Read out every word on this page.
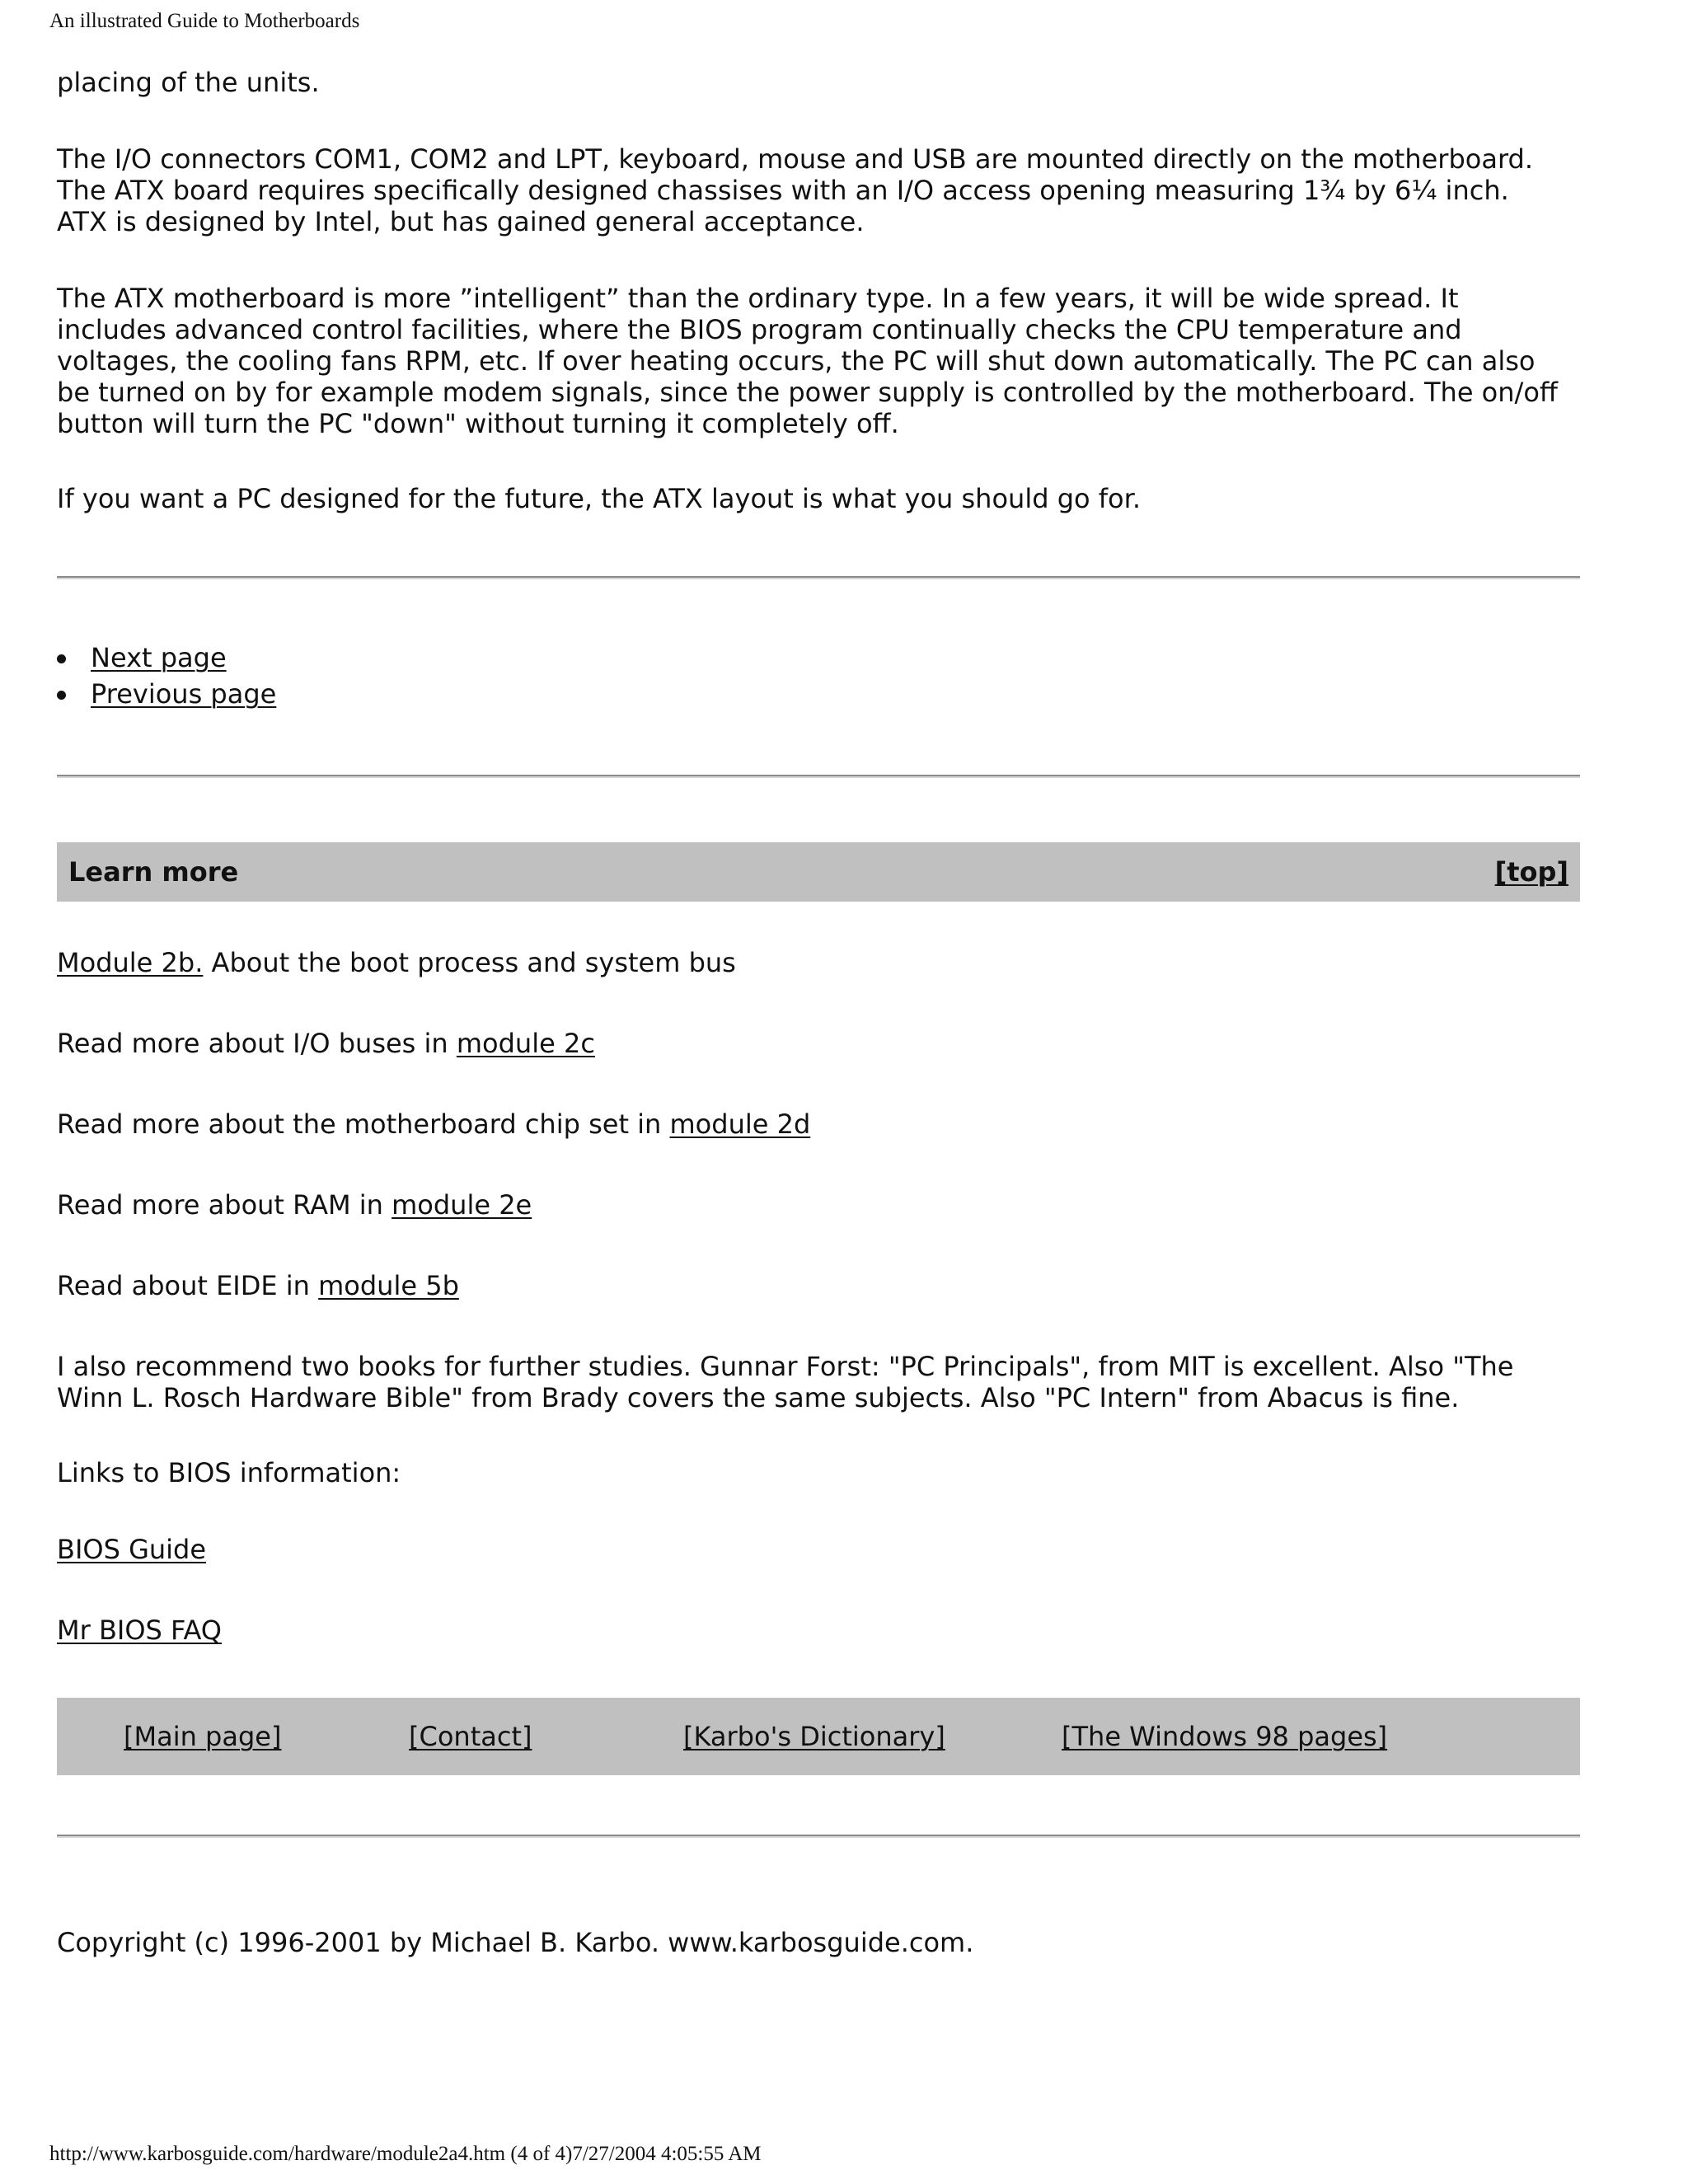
An illustrated Guide to Motherboards

placing of the units.

The I/O connectors COM1, COM2 and LPT, keyboard, mouse and USB are mounted directly on the motherboard.
The ATX board requires specifically designed chassises with an I/O access opening measuring 1¾ by 6¼ inch.
ATX is designed by Intel, but has gained general acceptance.
The ATX motherboard is more ”intelligent” than the ordinary type. In a few years, it will be wide spread. It
includes advanced control facilities, where the BIOS program continually checks the CPU temperature and
voltages, the cooling fans RPM, etc. If over heating occurs, the PC will shut down automatically. The PC can also
be turned on by for example modem signals, since the power supply is controlled by the motherboard. The on/off
button will turn the PC "down" without turning it completely off.

If you want a PC designed for the future, the ATX layout is what you should go for.

Next page
Previous page
Learn more	[top]

Module 2b. About the boot process and system bus

Read more about I/O buses in module 2c

Read more about the motherboard chip set in module 2d

Read more about RAM in module 2e

Read about EIDE in module 5b

I also recommend two books for further studies. Gunnar Forst: "PC Principals", from MIT is excellent. Also "The
Winn L. Rosch Hardware Bible" from Brady covers the same subjects. Also "PC Intern" from Abacus is fine.

Links to BIOS information:

BIOS Guide

Mr BIOS FAQ

[Main page]	[Contact]	[Karbo's Dictionary]	[The Windows 98 pages]

Copyright (c) 1996-2001 by Michael B. Karbo. www.karbosguide.com.

http://www.karbosguide.com/hardware/module2a4.htm (4 of 4)7/27/2004 4:05:55 AM
